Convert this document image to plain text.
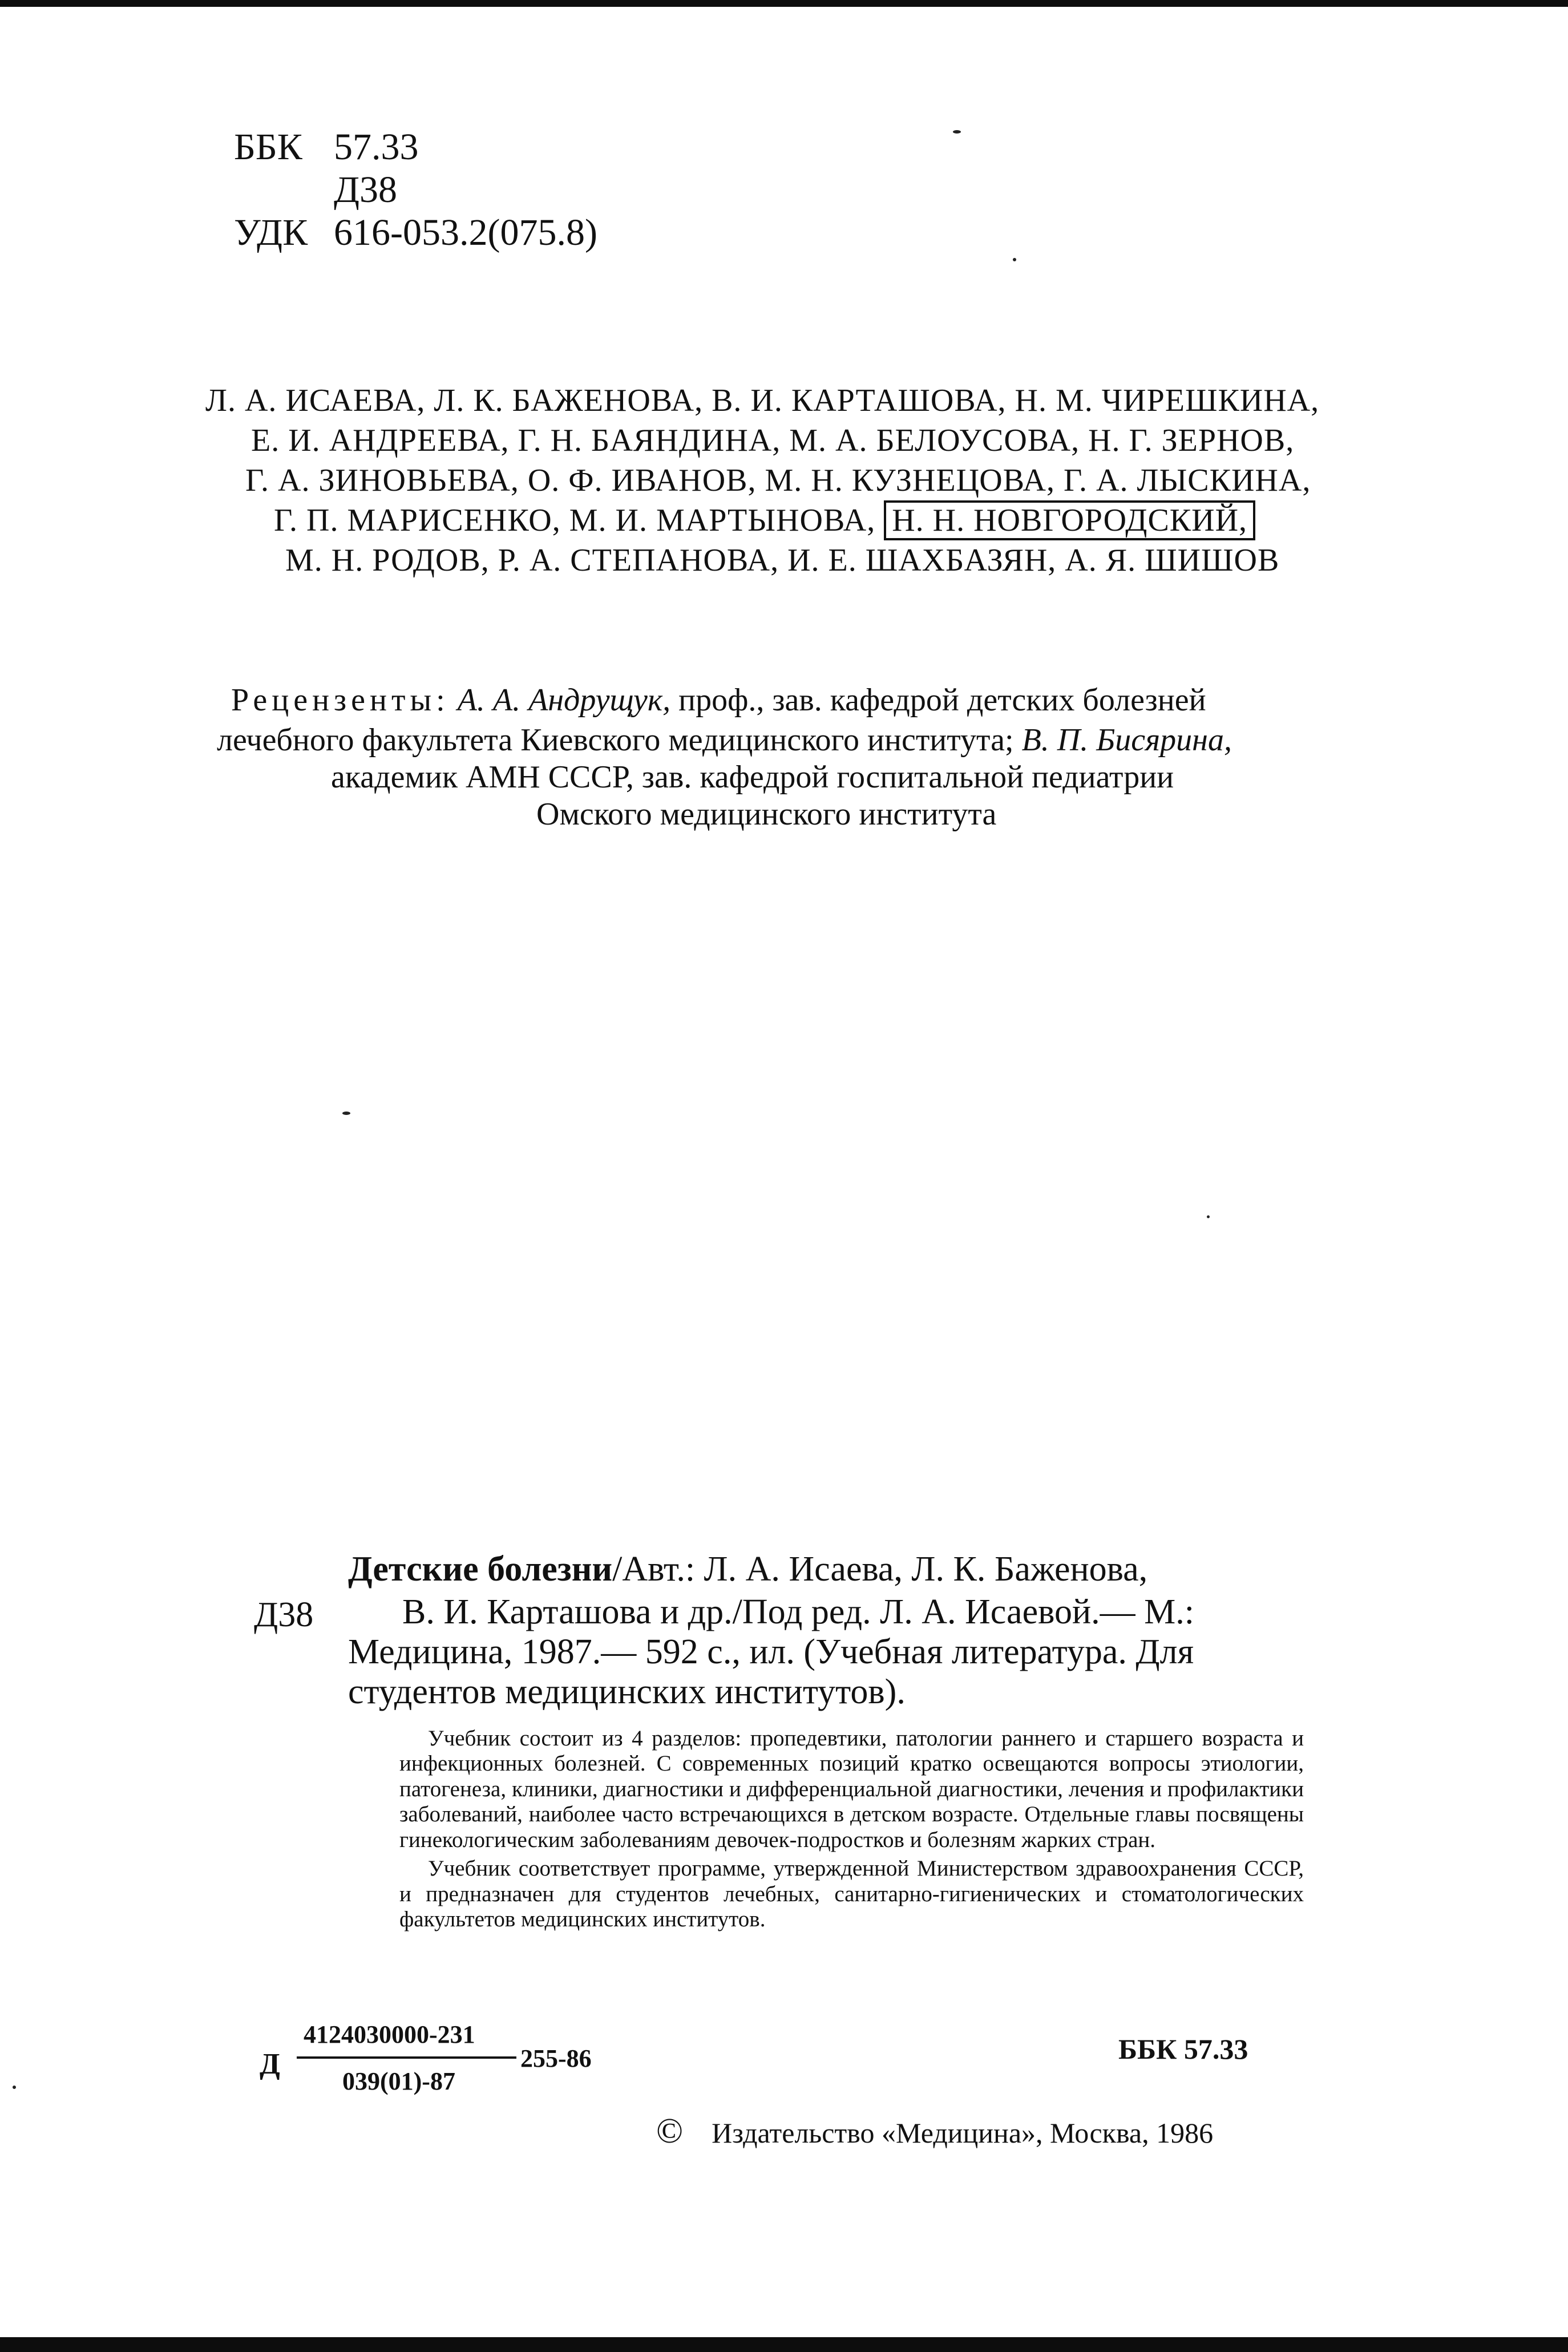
ББК 57.33
Д38
УДК 616-053.2(075.8)
Л. А. ИСАЕВА, Л. К. БАЖЕНОВА, В. И. КАРТАШОВА, Н. М. ЧИРЕШКИНА,
Е. И. АНДРЕЕВА, Г. Н. БАЯНДИНА, М. А. БЕЛОУСОВА, Н. Г. ЗЕРНОВ,
Г. А. ЗИНОВЬЕВА, О. Ф. ИВАНОВ, М. Н. КУЗНЕЦОВА, Г. А. ЛЫСКИНА,
Г. П. МАРИСЕНКО, М. И. МАРТЫНОВА, Н. Н. НОВГОРОДСКИЙ,
М. Н. РОДОВ, Р. А. СТЕПАНОВА, И. Е. ШАХБАЗЯН, А. Я. ШИШОВ
Рецензенты: А. А. Андрущук, проф., зав. кафедрой детских болезней
лечебного факультета Киевского медицинского института; В. П. Бисярина,
академик АМН СССР, зав. кафедрой госпитальной педиатрии
Омского медицинского института
Д38
Детские болезни/Авт.: Л. А. Исаева, Л. К. Баженова,
В. И. Карташова и др./Под ред. Л. А. Исаевой.— М.:
Медицина, 1987.— 592 с., ил. (Учебная литература. Для
студентов медицинских институтов).

Учебник состоит из 4 разделов: пропедевтики, патологии раннего и старшего возраста и инфекционных болезней. С современных позиций кратко освещаются вопросы этиологии, патогенеза, клиники, диагностики и дифференциальной диагностики, лечения и профилактики заболеваний, наиболее часто встречающихся в детском возрасте. Отдельные главы посвящены гинекологическим заболеваниям девочек-подростков и болезням жарких стран.

Учебник соответствует программе, утвержденной Министерством здравоохранения СССР, и предназначен для студентов лечебных, санитарно-гигиенических и стоматологических факультетов медицинских институтов.

Д
4124030000-231
039(01)-87
255-86	ББК 57.33
© Издательство «Медицина», Москва, 1986
